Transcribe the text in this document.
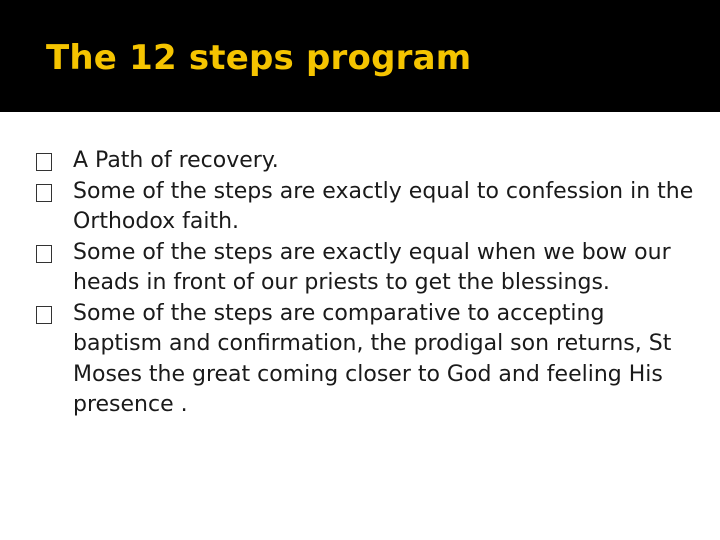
The 12 steps program
A Path of recovery.
Some of the steps are exactly equal to confession in the Orthodox faith.
Some of the steps are exactly equal when we bow our heads in front of our priests to get the blessings.
Some of the steps are comparative to accepting baptism and confirmation, the prodigal son returns, St Moses the great coming closer to God and feeling His presence .
